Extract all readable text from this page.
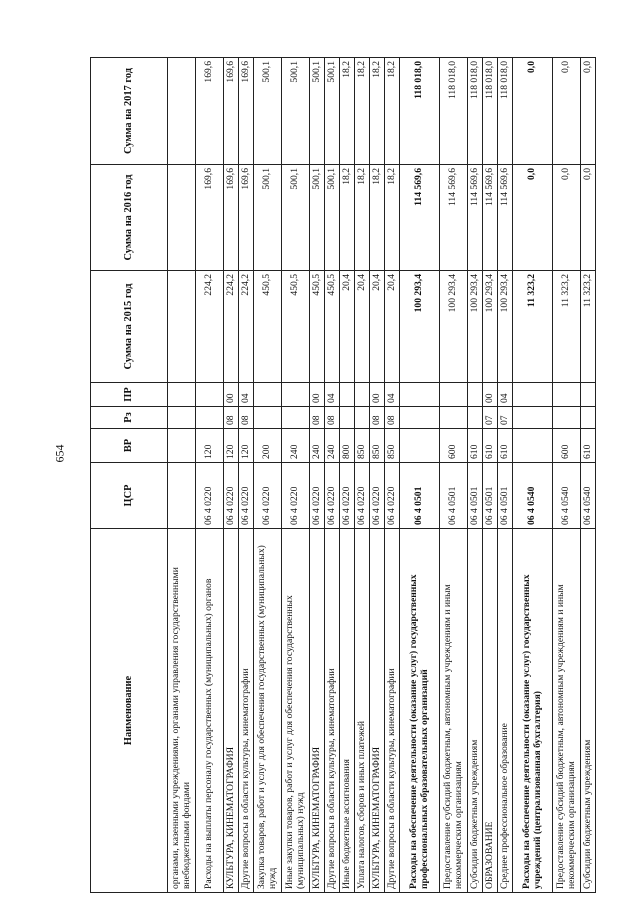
654
Наименование	ЦСР	ВР	Рз	ПР	Сумма на 2015 год	Сумма на 2016 год	Сумма на 2017 год
органами, казенными учреждениями, органами управления государственными внебюджетными фондами							
Расходы на выплаты персоналу государственных (муниципальных) органов	06 4 0220	120			224,2	169,6	169,6
КУЛЬТУРА, КИНЕМАТОГРАФИЯ	06 4 0220	120	08	00	224,2	169,6	169,6
Другие вопросы в области культуры, кинематографии	06 4 0220	120	08	04	224,2	169,6	169,6
Закупка товаров, работ и услуг для обеспечения государственных (муниципальных) нужд	06 4 0220	200			450,5	500,1	500,1
Иные закупки товаров, работ и услуг для обеспечения государственных (муниципальных) нужд	06 4 0220	240			450,5	500,1	500,1
КУЛЬТУРА, КИНЕМАТОГРАФИЯ	06 4 0220	240	08	00	450,5	500,1	500,1
Другие вопросы в области культуры, кинематографии	06 4 0220	240	08	04	450,5	500,1	500,1
Иные бюджетные ассигнования	06 4 0220	800			20,4	18,2	18,2
Уплата налогов, сборов и иных платежей	06 4 0220	850			20,4	18,2	18,2
КУЛЬТУРА, КИНЕМАТОГРАФИЯ	06 4 0220	850	08	00	20,4	18,2	18,2
Другие вопросы в области культуры, кинематографии	06 4 0220	850	08	04	20,4	18,2	18,2
Расходы на обеспечение деятельности (оказание услуг) государственных профессиональных образовательных организаций	06 4 0501				100 293,4	114 569,6	118 018,0
Предоставление субсидий бюджетным, автономным учреждениям и иным некоммерческим организациям	06 4 0501	600			100 293,4	114 569,6	118 018,0
Субсидии бюджетным учреждениям	06 4 0501	610			100 293,4	114 569,6	118 018,0
ОБРАЗОВАНИЕ	06 4 0501	610	07	00	100 293,4	114 569,6	118 018,0
Среднее профессиональное образование	06 4 0501	610	07	04	100 293,4	114 569,6	118 018,0
Расходы на обеспечение деятельности (оказание услуг) государственных учреждений (централизованная бухгалтерия)	06 4 0540				11 323,2	0,0	0,0
Предоставление субсидий бюджетным, автономным учреждениям и иным некоммерческим организациям	06 4 0540	600			11 323,2	0,0	0,0
Субсидии бюджетным учреждениям	06 4 0540	610			11 323,2	0,0	0,0
